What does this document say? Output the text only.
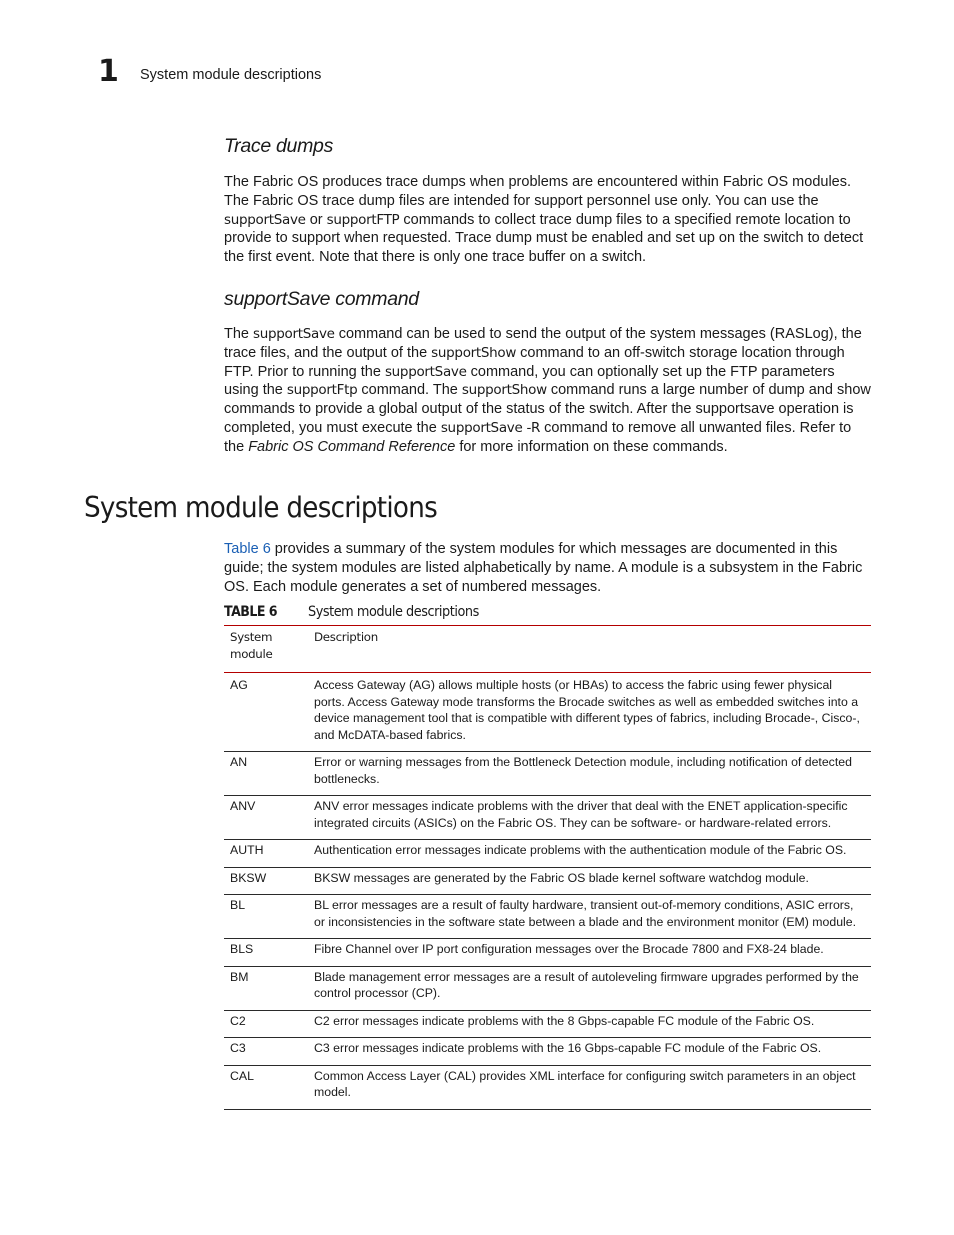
1 System module descriptions
Trace dumps
The Fabric OS produces trace dumps when problems are encountered within Fabric OS modules. The Fabric OS trace dump files are intended for support personnel use only. You can use the supportSave or supportFTP commands to collect trace dump files to a specified remote location to provide to support when requested. Trace dump must be enabled and set up on the switch to detect the first event. Note that there is only one trace buffer on a switch.
supportSave command
The supportSave command can be used to send the output of the system messages (RASLog), the trace files, and the output of the supportShow command to an off-switch storage location through FTP. Prior to running the supportSave command, you can optionally set up the FTP parameters using the supportFtp command. The supportShow command runs a large number of dump and show commands to provide a global output of the status of the switch. After the supportsave operation is completed, you must execute the supportSave -R command to remove all unwanted files. Refer to the Fabric OS Command Reference for more information on these commands.
System module descriptions
Table 6 provides a summary of the system modules for which messages are documented in this guide; the system modules are listed alphabetically by name. A module is a subsystem in the Fabric OS. Each module generates a set of numbered messages.
TABLE 6 System module descriptions
System
module	Description
AG	Access Gateway (AG) allows multiple hosts (or HBAs) to access the fabric using fewer physical ports. Access Gateway mode transforms the Brocade switches as well as embedded switches into a device management tool that is compatible with different types of fabrics, including Brocade-, Cisco-, and McDATA-based fabrics.
AN	Error or warning messages from the Bottleneck Detection module, including notification of detected bottlenecks.
ANV	ANV error messages indicate problems with the driver that deal with the ENET application-specific integrated circuits (ASICs) on the Fabric OS. They can be software- or hardware-related errors.
AUTH	Authentication error messages indicate problems with the authentication module of the Fabric OS.
BKSW	BKSW messages are generated by the Fabric OS blade kernel software watchdog module.
BL	BL error messages are a result of faulty hardware, transient out-of-memory conditions, ASIC errors, or inconsistencies in the software state between a blade and the environment monitor (EM) module.
BLS	Fibre Channel over IP port configuration messages over the Brocade 7800 and FX8-24 blade.
BM	Blade management error messages are a result of autoleveling firmware upgrades performed by the control processor (CP).
C2	C2 error messages indicate problems with the 8 Gbps-capable FC module of the Fabric OS.
C3	C3 error messages indicate problems with the 16 Gbps-capable FC module of the Fabric OS.
CAL	Common Access Layer (CAL) provides XML interface for configuring switch parameters in an object model.
